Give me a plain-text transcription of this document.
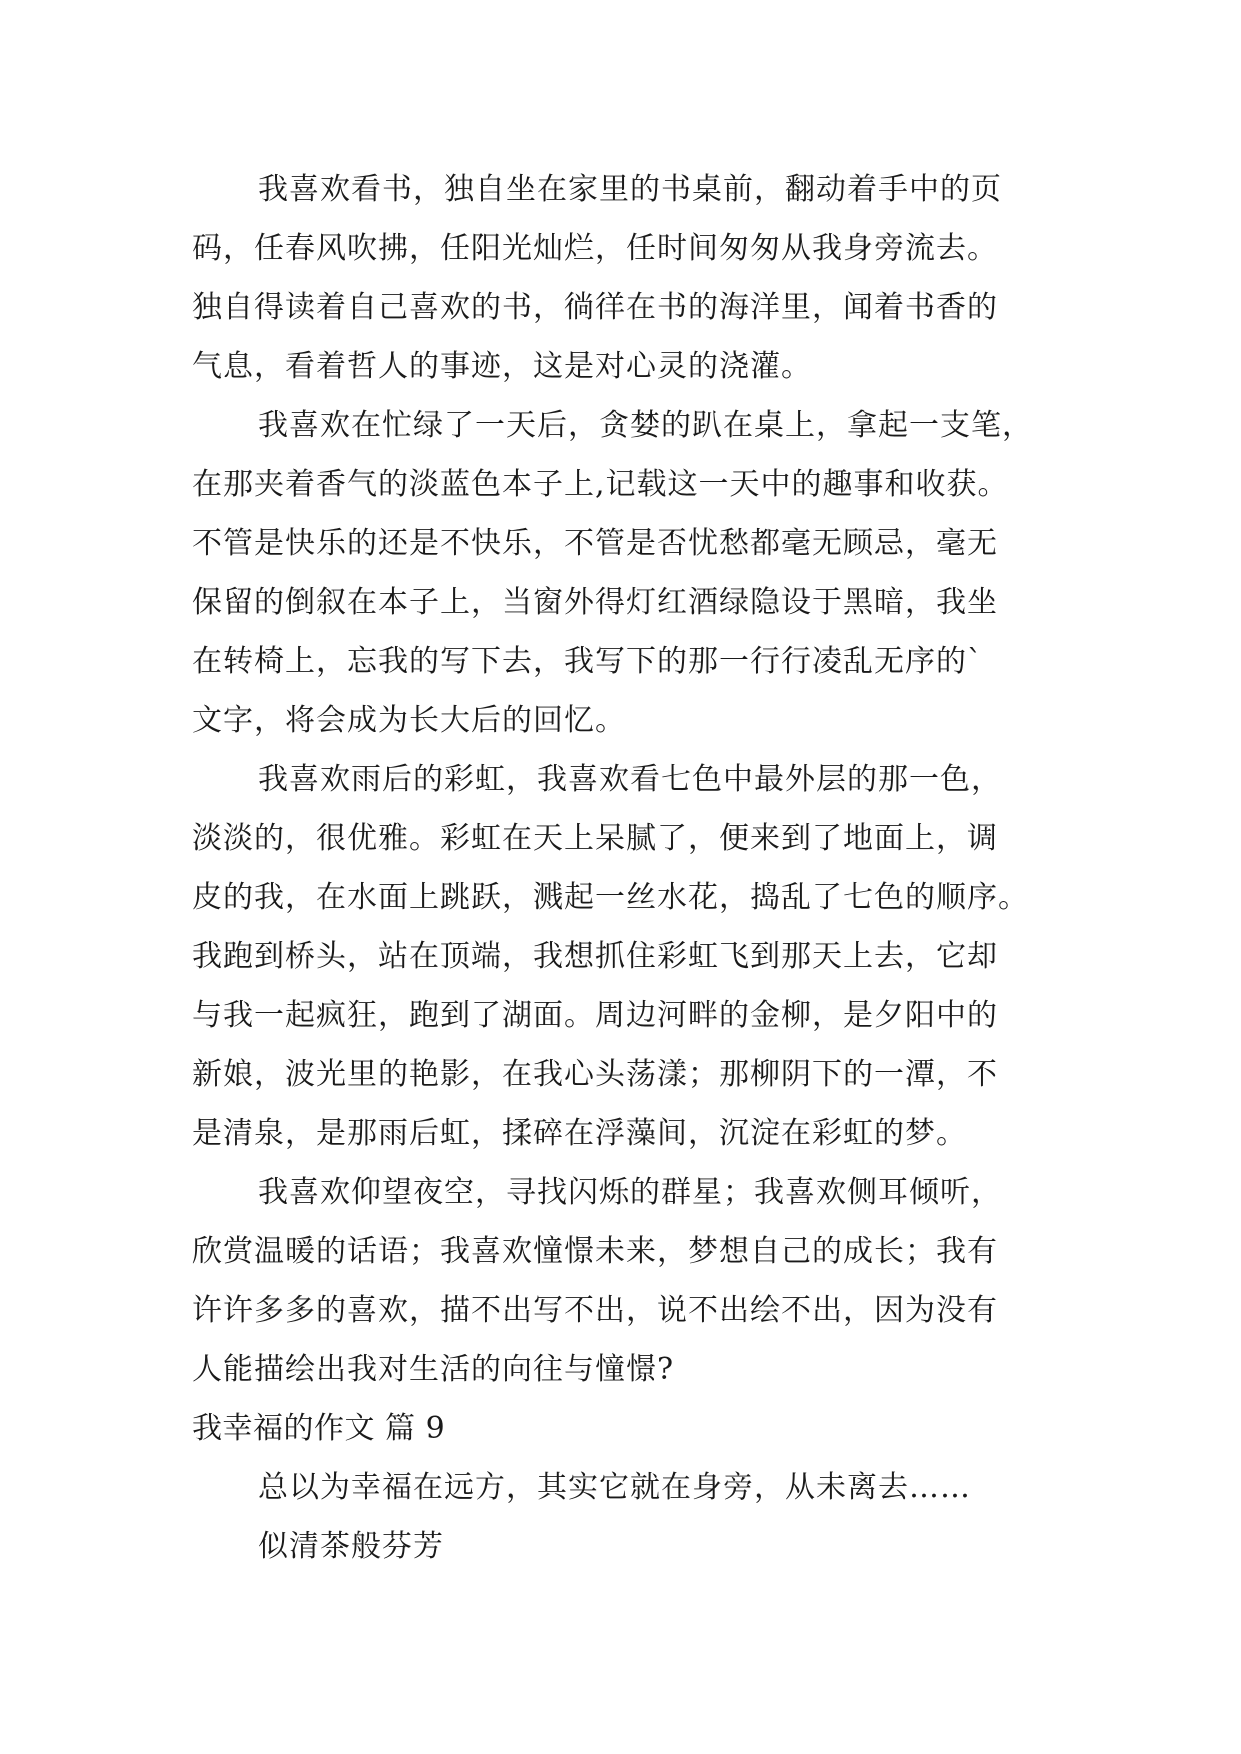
我喜欢看书，独自坐在家里的书桌前，翻动着手中的页
码，任春风吹拂，任阳光灿烂，任时间匆匆从我身旁流去。
独自得读着自己喜欢的书，徜徉在书的海洋里，闻着书香的
气息，看着哲人的事迹，这是对心灵的浇灌。
我喜欢在忙绿了一天后，贪婪的趴在桌上，拿起一支笔，
在那夹着香气的淡蓝色本子上,记载这一天中的趣事和收获。
不管是快乐的还是不快乐，不管是否忧愁都毫无顾忌，毫无
保留的倒叙在本子上，当窗外得灯红酒绿隐设于黑暗，我坐
在转椅上，忘我的写下去，我写下的那一行行凌乱无序的`
文字，将会成为长大后的回忆。
我喜欢雨后的彩虹，我喜欢看七色中最外层的那一色，
淡淡的，很优雅。彩虹在天上呆腻了，便来到了地面上，调
皮的我，在水面上跳跃，溅起一丝水花，捣乱了七色的顺序。
我跑到桥头，站在顶端，我想抓住彩虹飞到那天上去，它却
与我一起疯狂，跑到了湖面。周边河畔的金柳，是夕阳中的
新娘，波光里的艳影，在我心头荡漾；那柳阴下的一潭，不
是清泉，是那雨后虹，揉碎在浮藻间，沉淀在彩虹的梦。
我喜欢仰望夜空，寻找闪烁的群星；我喜欢侧耳倾听，
欣赏温暖的话语；我喜欢憧憬未来，梦想自己的成长；我有
许许多多的喜欢，描不出写不出，说不出绘不出，因为没有
人能描绘出我对生活的向往与憧憬?
我幸福的作文 篇 9
总以为幸福在远方，其实它就在身旁，从未离去……
似清茶般芬芳
